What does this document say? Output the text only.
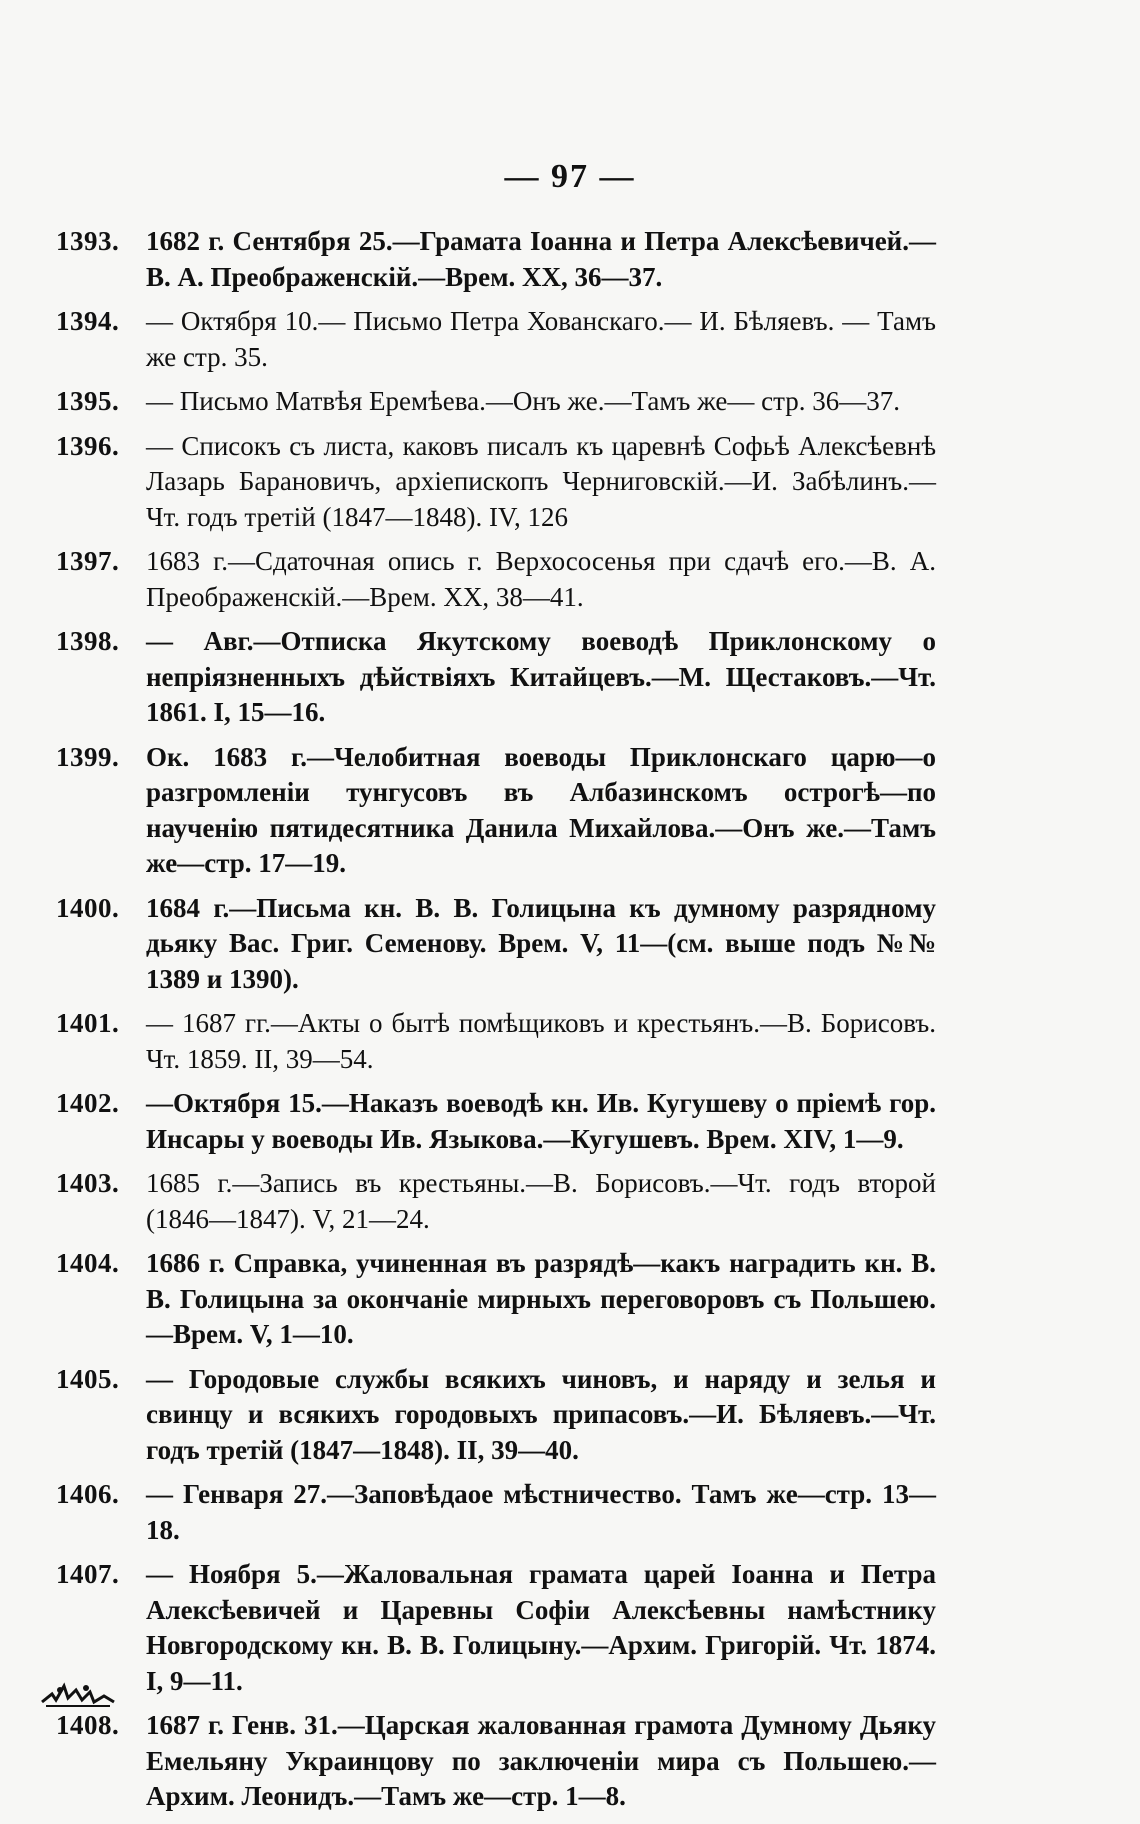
— 97 —
1393. 1682 г. Сентября 25.—Грамата Іоанна и Петра Алексѣевичей.—В. А. Преображенскій.—Врем. XX, 36—37.
1394. — Октября 10.— Письмо Петра Хованскаго.— И. Бѣляевъ. — Тамъ же стр. 35.
1395. — Письмо Матвѣя Еремѣева.—Онъ же.—Тамъ же— стр. 36—37.
1396. — Списокъ съ листа, каковъ писалъ къ царевнѣ Софьѣ Алексѣевнѣ Лазарь Барановичъ, архіепископъ Черниговскій.—И. Забѣлинъ.—Чт. годъ третій (1847—1848). IV, 126
1397. 1683 г.—Сдаточная опись г. Верхососенья при сдачѣ его.—В. А. Преображенскій.—Врем. XX, 38—41.
1398. — Авг.—Отписка Якутскому воеводѣ Приклонскому о непріязненныхъ дѣйствіяхъ Китайцевъ.—М. Щестаковъ.—Чт. 1861. I, 15—16.
1399. Ок. 1683 г.—Челобитная воеводы Приклонскаго царю—о разгромленіи тунгусовъ въ Албазинскомъ острогѣ—по наученію пятидесятника Данила Михайлова.—Онъ же.—Тамъ же—стр. 17—19.
1400. 1684 г.—Письма кн. В. В. Голицына къ думному разрядному дьяку Вас. Григ. Семенову. Врем. V, 11—(см. выше подъ №№ 1389 и 1390).
1401. — 1687 гг.—Акты о бытѣ помѣщиковъ и крестьянъ.—В. Борисовъ. Чт. 1859. II, 39—54.
1402. —Октября 15.—Наказъ воеводѣ кн. Ив. Кугушеву о пріемѣ гор. Инсары у воеводы Ив. Языкова.—Кугушевъ. Врем. XIV, 1—9.
1403. 1685 г.—Запись въ крестьяны.—В. Борисовъ.—Чт. годъ второй (1846—1847). V, 21—24.
1404. 1686 г. Справка, учиненная въ разрядѣ—какъ наградить кн. В. В. Голицына за окончаніе мирныхъ переговоровъ съ Польшею.—Врем. V, 1—10.
1405. — Городовые службы всякихъ чиновъ, и наряду и зелья и свинцу и всякихъ городовыхъ припасовъ.—И. Бѣляевъ.—Чт. годъ третій (1847—1848). II, 39—40.
1406. — Генваря 27.—Заповѣдаое мѣстничество. Тамъ же—стр. 13—18.
1407. — Ноября 5.—Жаловальная грамата царей Іоанна и Петра Алексѣевичей и Царевны Софіи Алексѣевны намѣстнику Новгородскому кн. В. В. Голицыну.—Архим. Григорій. Чт. 1874. I, 9—11.
1408. 1687 г. Генв. 31.—Царская жалованная грамота Думному Дьяку Емельяну Украинцову по заключеніи мира съ Польшею.—Архим. Леонидъ.—Тамъ же—стр. 1—8.
